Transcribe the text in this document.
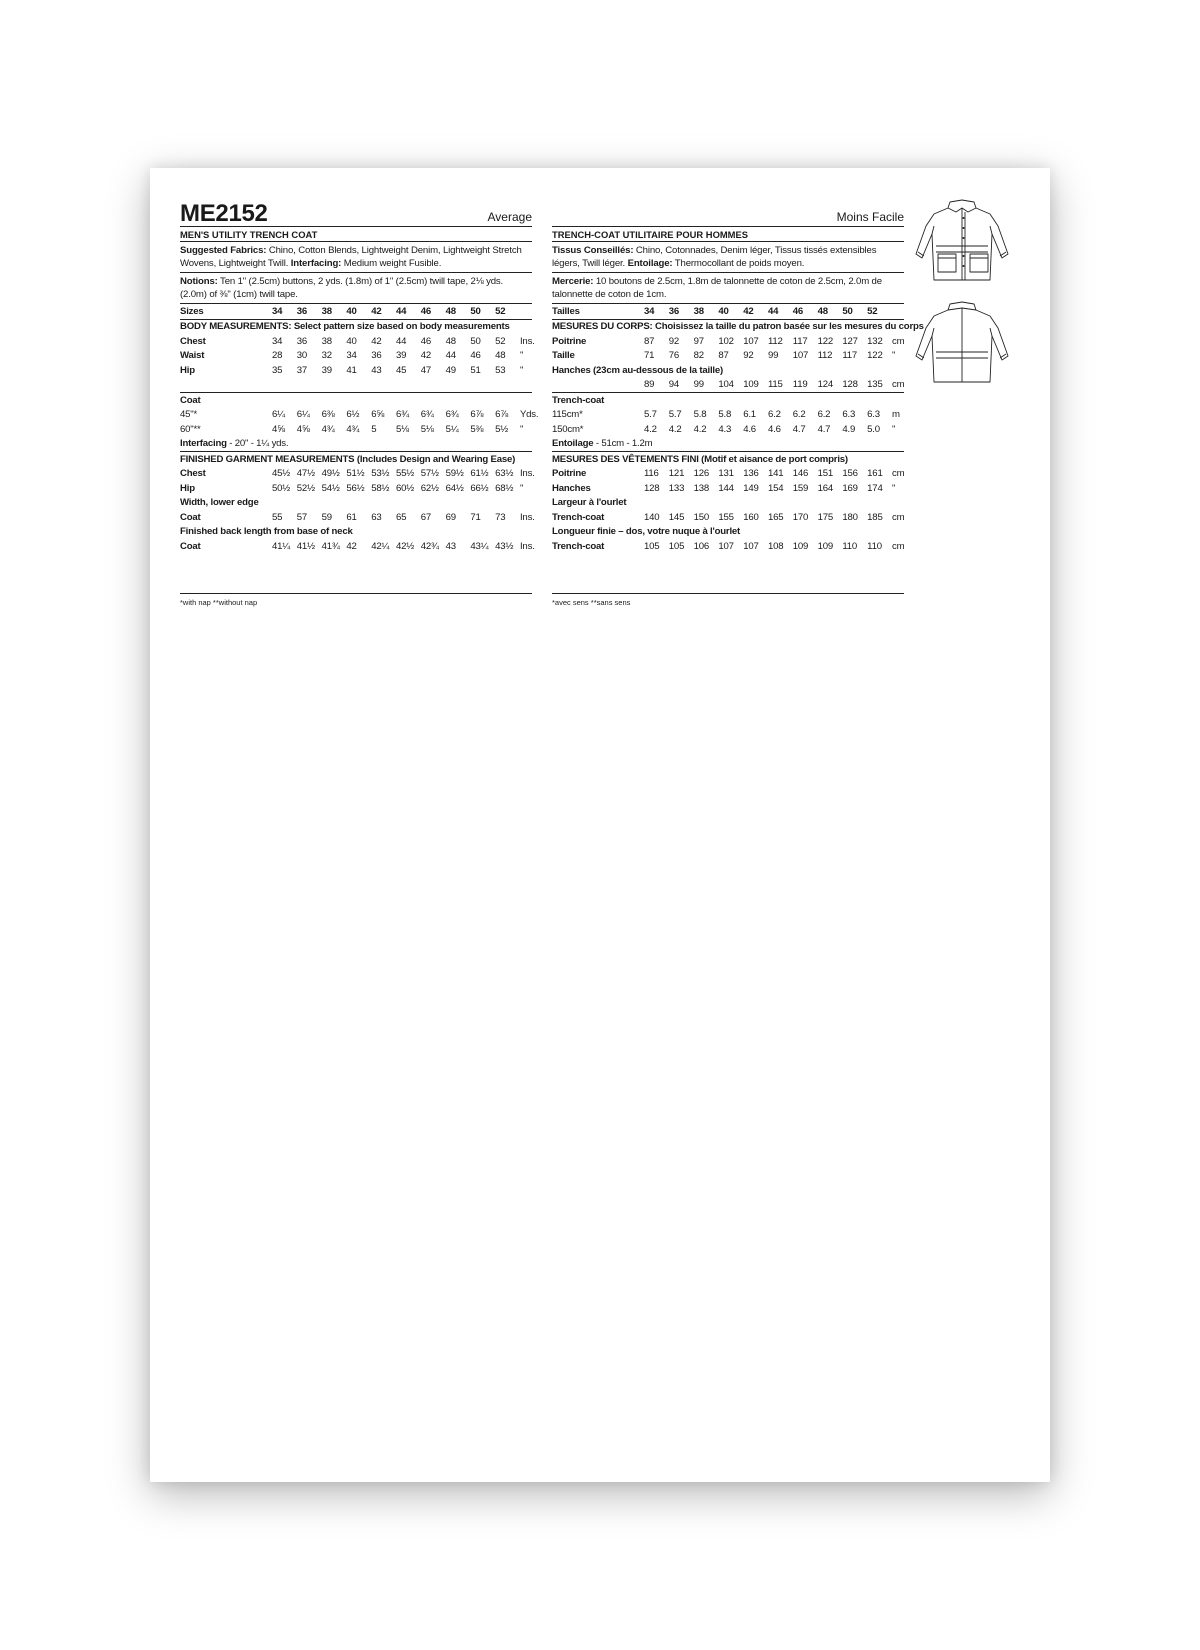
ME2152	Average
MEN'S UTILITY TRENCH COAT
Suggested Fabrics: Chino, Cotton Blends, Lightweight Denim, Lightweight Stretch Wovens, Lightweight Twill. Interfacing: Medium weight Fusible.
Notions: Ten 1" (2.5cm) buttons, 2 yds. (1.8m) of 1" (2.5cm) twill tape, 2⅛ yds. (2.0m) of ⅜" (1cm) twill tape.
Sizes	34	36	38	40	42	44	46	48	50	52	
BODY MEASUREMENTS: Select pattern size based on body measurements											
Chest	34	36	38	40	42	44	46	48	50	52	Ins.
Waist	28	30	32	34	36	39	42	44	46	48	"
Hip	35	37	39	41	43	45	47	49	51	53	"

Coat											
45"*	6¼	6¼	6⅜	6½	6⅝	6¾	6¾	6¾	6⅞	6⅞	Yds.
60"**	4⅝	4⅝	4¾	4¾	5	5⅛	5⅛	5¼	5⅜	5½	"
Interfacing - 20" - 1¼ yds.											
FINISHED GARMENT MEASUREMENTS (Includes Design and Wearing Ease)											
Chest	45½	47½	49½	51½	53½	55½	57½	59½	61½	63½	Ins.
Hip	50½	52½	54½	56½	58½	60½	62½	64½	66½	68½	"
Width, lower edge											
Coat	55	57	59	61	63	65	67	69	71	73	Ins.
Finished back length from base of neck											
Coat	41¼	41½	41¾	42	42¼	42½	42¾	43	43¼	43½	Ins.
Moins Facile
TRENCH-COAT UTILITAIRE POUR HOMMES
Tissus Conseillés: Chino, Cotonnades, Denim léger, Tissus tissés extensibles légers, Twill léger. Entoilage: Thermocollant de poids moyen.
Mercerie: 10 boutons de 2.5cm, 1.8m de talonnette de coton de 2.5cm, 2.0m de talonnette de coton de 1cm.
Tailles	34	36	38	40	42	44	46	48	50	52	
MESURES DU CORPS: Choisissez la taille du patron basée sur les mesures du corps											
Poitrine	87	92	97	102	107	112	117	122	127	132	cm
Taille	71	76	82	87	92	99	107	112	117	122	"
Hanches (23cm au-dessous de la taille)											
	89	94	99	104	109	115	119	124	128	135	cm
Trench-coat											
115cm*	5.7	5.7	5.8	5.8	6.1	6.2	6.2	6.2	6.3	6.3	m
150cm*	4.2	4.2	4.2	4.3	4.6	4.6	4.7	4.7	4.9	5.0	"
Entoilage - 51cm - 1.2m											
MESURES DES VÊTEMENTS FINI (Motif et aisance de port compris)											
Poitrine	116	121	126	131	136	141	146	151	156	161	cm
Hanches	128	133	138	144	149	154	159	164	169	174	"
Largeur à l'ourlet											
Trench-coat	140	145	150	155	160	165	170	175	180	185	cm
Longueur finie – dos, votre nuque à l'ourlet											
Trench-coat	105	105	106	107	107	108	109	109	110	110	cm
*with nap **without nap	*avec sens **sans sens
